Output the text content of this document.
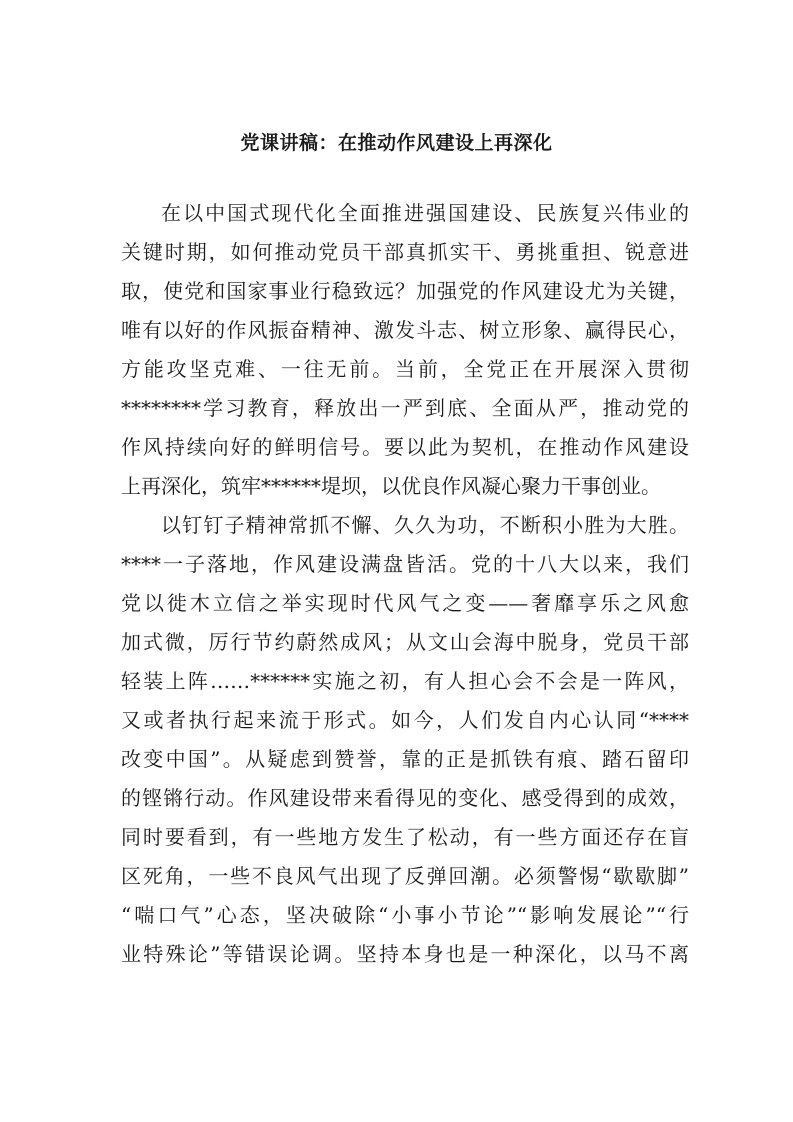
党课讲稿：在推动作风建设上再深化

在以中国式现代化全面推进强国建设、民族复兴伟业的

关键时期，如何推动党员干部真抓实干、勇挑重担、锐意进

取，使党和国家事业行稳致远？加强党的作风建设尤为关键，

唯有以好的作风振奋精神、激发斗志、树立形象、赢得民心，

方能攻坚克难、一往无前。当前，全党正在开展深入贯彻

********学习教育，释放出一严到底、全面从严，推动党的

作风持续向好的鲜明信号。要以此为契机，在推动作风建设

上再深化，筑牢******堤坝，以优良作风凝心聚力干事创业。

以钉钉子精神常抓不懈、久久为功，不断积小胜为大胜。

****一子落地，作风建设满盘皆活。党的十八大以来，我们

党以徙木立信之举实现时代风气之变——奢靡享乐之风愈

加式微，厉行节约蔚然成风；从文山会海中脱身，党员干部

轻装上阵……******实施之初，有人担心会不会是一阵风，

又或者执行起来流于形式。如今，人们发自内心认同“****

改变中国”。从疑虑到赞誉，靠的正是抓铁有痕、踏石留印

的铿锵行动。作风建设带来看得见的变化、感受得到的成效，

同时要看到，有一些地方发生了松动，有一些方面还存在盲

区死角，一些不良风气出现了反弹回潮。必须警惕“歇歇脚”

“喘口气”心态，坚决破除“小事小节论”“影响发展论”“行

业特殊论”等错误论调。坚持本身也是一种深化，以马不离
